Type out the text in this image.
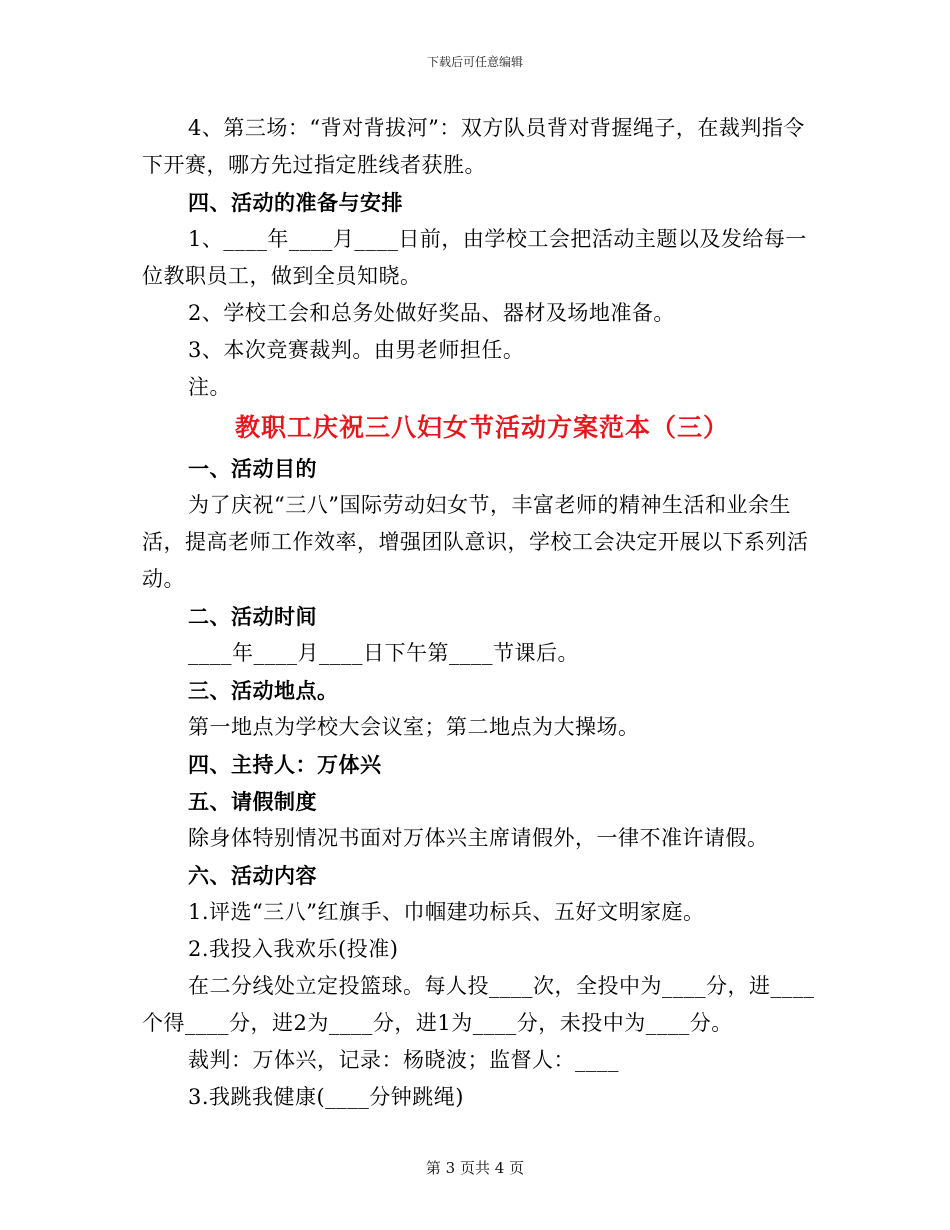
下载后可任意编辑

4、第三场：“背对背拔河”：双方队员背对背握绳子，在裁判指令下开赛，哪方先过指定胜线者获胜。

四、活动的准备与安排

1、____年____月____日前，由学校工会把活动主题以及发给每一位教职员工，做到全员知晓。

2、学校工会和总务处做好奖品、器材及场地准备。

3、本次竞赛裁判。由男老师担任。

注。

教职工庆祝三八妇女节活动方案范本（三）

一、活动目的

为了庆祝“三八”国际劳动妇女节，丰富老师的精神生活和业余生活，提高老师工作效率，增强团队意识，学校工会决定开展以下系列活动。

二、活动时间

____年____月____日下午第____节课后。

三、活动地点。

第一地点为学校大会议室；第二地点为大操场。

四、主持人：万体兴

五、请假制度

除身体特别情况书面对万体兴主席请假外，一律不准许请假。

六、活动内容

1.评选“三八”红旗手、巾帼建功标兵、五好文明家庭。

2.我投入我欢乐(投准)

在二分线处立定投篮球。每人投____次，全投中为____分，进____个得____分，进2为____分，进1为____分，未投中为____分。

裁判：万体兴，记录：杨晓波；监督人：____

3.我跳我健康(____分钟跳绳)

第 3 页共 4 页
